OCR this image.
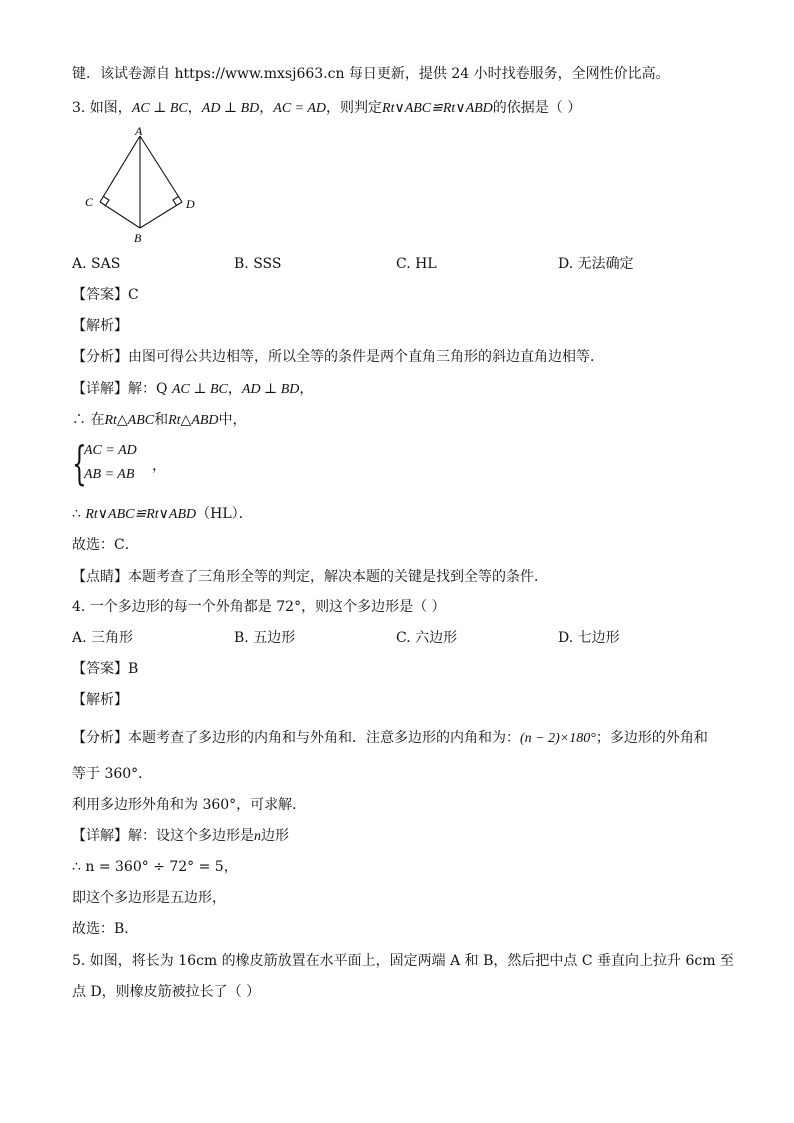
键．该试卷源自 https://www.mxsj663.cn 每日更新，提供 24 小时找卷服务，全网性价比高。
3. 如图，AC ⊥ BC，AD ⊥ BD，AC = AD，则判定Rt∨ABC≌Rt∨ABD的依据是（ ）
A
C	D
B
A. SAS	B. SSS	C. HL	D. 无法确定
【答案】C
【解析】
【分析】由图可得公共边相等，所以全等的条件是两个直角三角形的斜边直角边相等．
【详解】解：Q AC ⊥ BC，AD ⊥ BD，
∴ 在Rt△ABC和Rt△ABD中，
{
AC = AD
AB = AB
，
∴ Rt∨ABC≌Rt∨ABD（HL）．
故选：C．
【点睛】本题考查了三角形全等的判定，解决本题的关键是找到全等的条件．
4. 一个多边形的每一个外角都是 72°，则这个多边形是（ ）
A. 三角形	B. 五边形	C. 六边形	D. 七边形
【答案】B
【解析】
【分析】本题考查了多边形的内角和与外角和．注意多边形的内角和为：(n − 2)×180°；多边形的外角和
等于 360°．
利用多边形外角和为 360°，可求解．
【详解】解：设这个多边形是n边形
∴ n = 360° ÷ 72° = 5，
即这个多边形是五边形，
故选：B．
5. 如图，将长为 16cm 的橡皮筋放置在水平面上，固定两端 A 和 B，然后把中点 C 垂直向上拉升 6cm 至
点 D，则橡皮筋被拉长了（ ）
